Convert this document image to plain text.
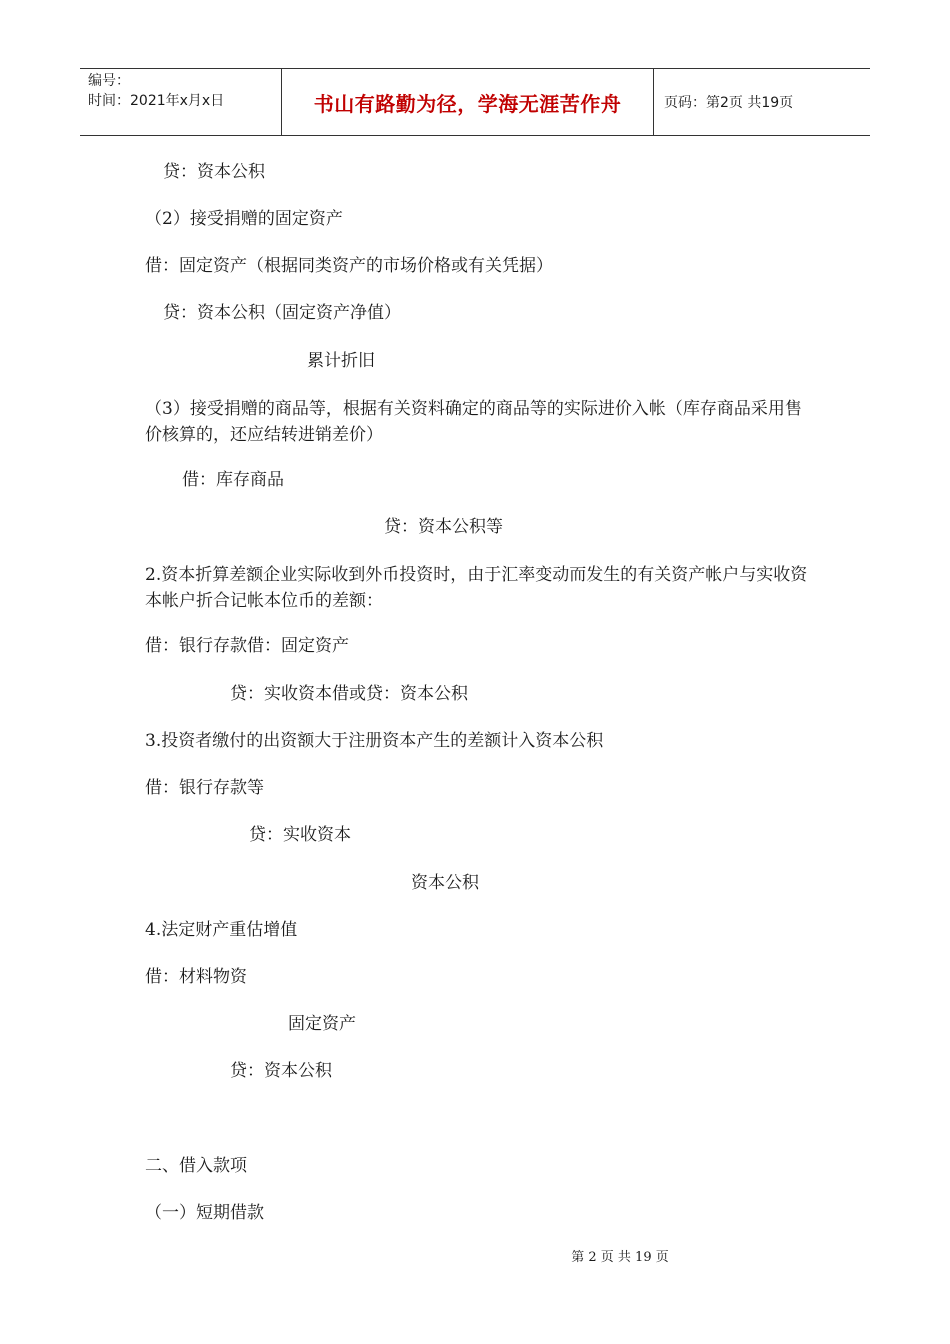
编号：
时间：2021年x月x日	书山有路勤为径，学海无涯苦作舟	页码：第2页 共19页
贷：资本公积
（2）接受捐赠的固定资产
借：固定资产（根据同类资产的市场价格或有关凭据）
贷：资本公积（固定资产净值）
累计折旧
（3）接受捐赠的商品等，根据有关资料确定的商品等的实际进价入帐（库存商品采用售价核算的，还应结转进销差价）
借：库存商品
贷：资本公积等
2.资本折算差额企业实际收到外币投资时，由于汇率变动而发生的有关资产帐户与实收资本帐户折合记帐本位币的差额：
借：银行存款借：固定资产
贷：实收资本借或贷：资本公积
3.投资者缴付的出资额大于注册资本产生的差额计入资本公积
借：银行存款等
贷：实收资本
资本公积
4.法定财产重估增值
借：材料物资
固定资产
贷：资本公积
二、借入款项
（一）短期借款
第 2 页 共 19 页
